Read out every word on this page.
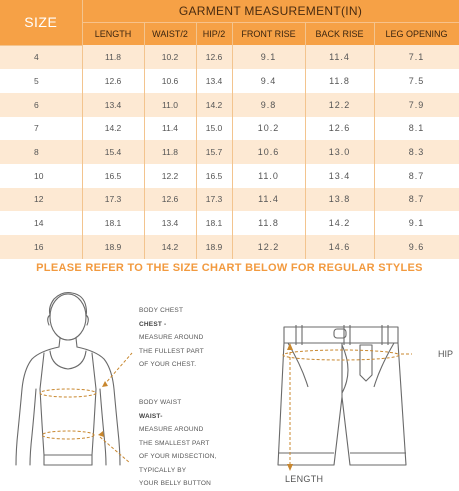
SIZE	GARMENT MEASUREMENT(IN)					
	LENGTH	WAIST/2	HIP/2	FRONT RISE	BACK RISE	LEG OPENING
4	11.8	10.2	12.6	9.1	11.4	7.1
5	12.6	10.6	13.4	9.4	11.8	7.5
6	13.4	11.0	14.2	9.8	12.2	7.9
7	14.2	11.4	15.0	10.2	12.6	8.1
8	15.4	11.8	15.7	10.6	13.0	8.3
10	16.5	12.2	16.5	11.0	13.4	8.7
12	17.3	12.6	17.3	11.4	13.8	8.7
14	18.1	13.4	18.1	11.8	14.2	9.1
16	18.9	14.2	18.9	12.2	14.6	9.6
PLEASE REFER TO THE SIZE CHART BELOW FOR REGULAR STYLES
BODY CHEST
CHEST -
MEASURE AROUND
THE FULLEST PART
OF YOUR CHEST.
BODY WAIST
WAIST-
MEASURE AROUND
THE SMALLEST PART
OF YOUR MIDSECTION,
TYPICALLY BY
YOUR BELLY BUTTON
HIP
LENGTH
